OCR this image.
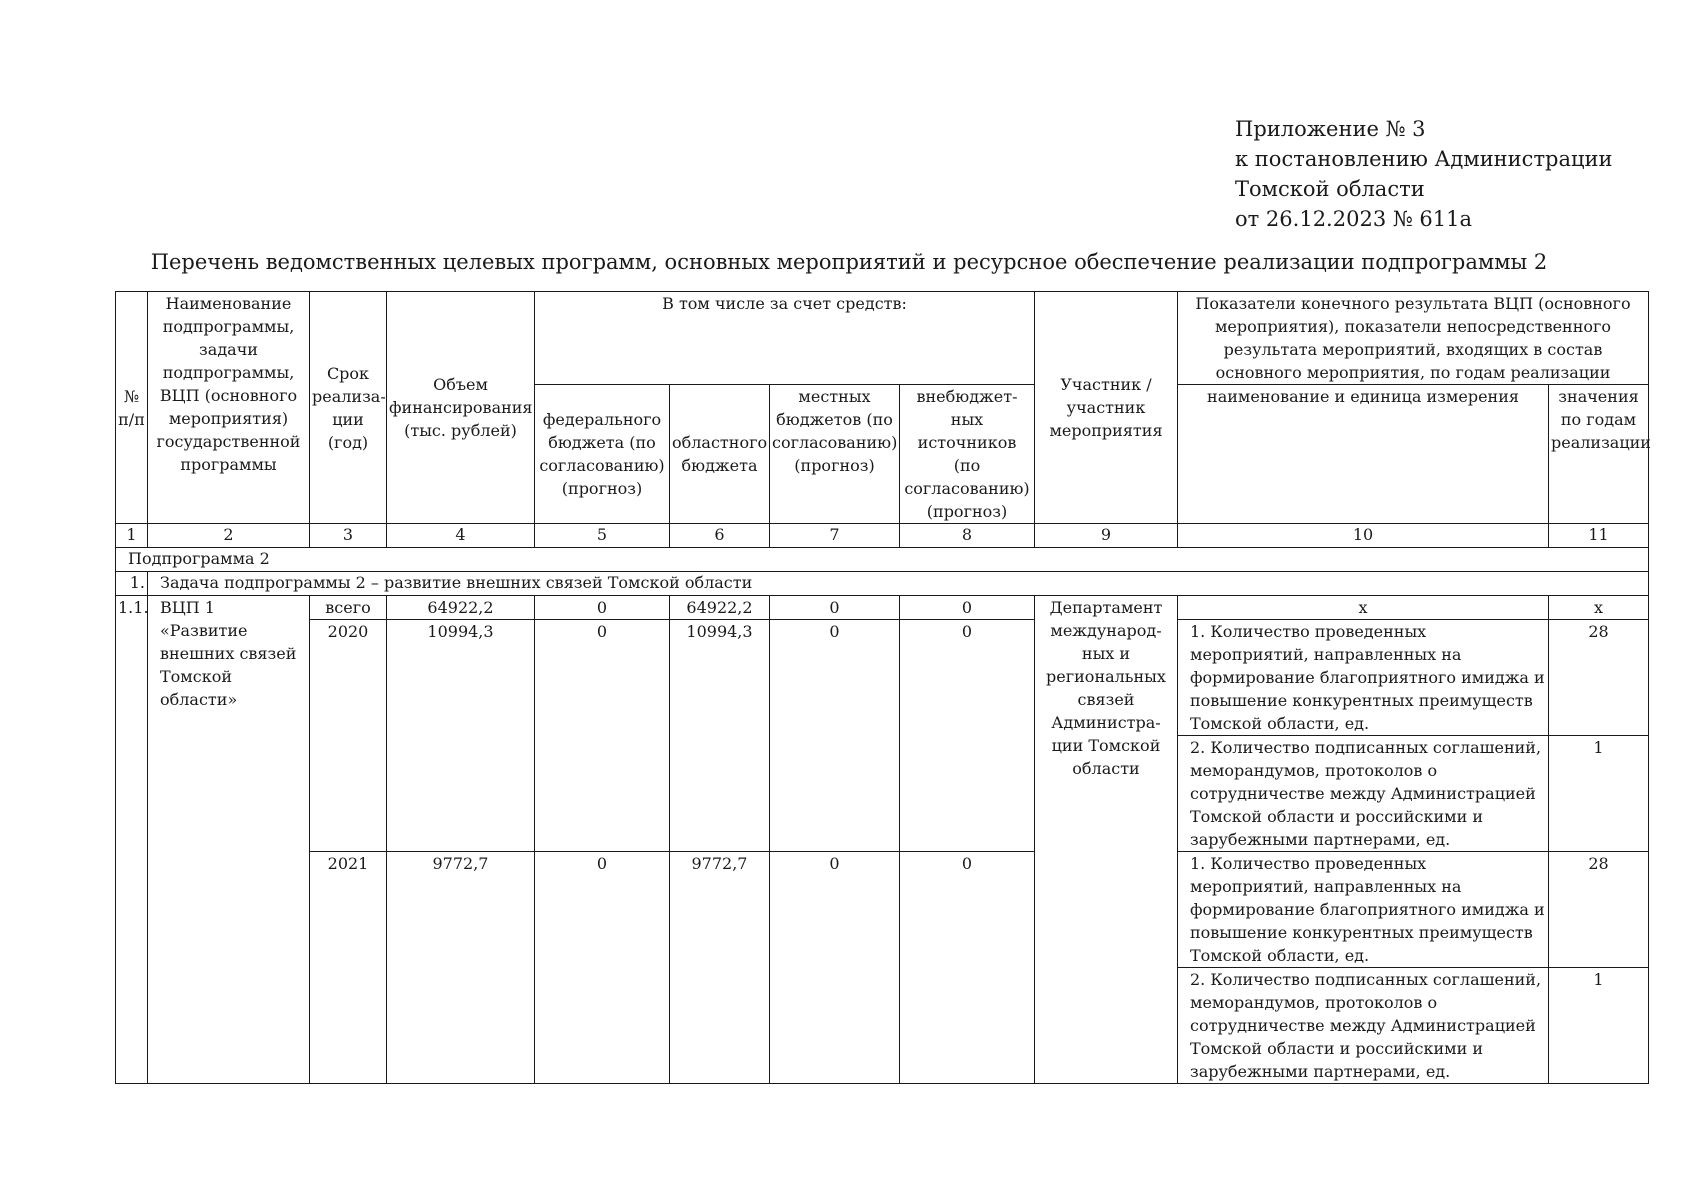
Приложение № 3
к постановлению Администрации
Томской области
от 26.12.2023 № 611а
Перечень ведомственных целевых программ, основных мероприятий и ресурсное обеспечение реализации подпрограммы 2
№ п/п	Наименование подпрограммы, задачи подпрограммы, ВЦП (основного мероприятия) государственной программы	Срок реализа-ции (год)	Объем финансирования (тыс. рублей)	В том числе за счет средств:				Участник /участник мероприятия	Показатели конечного результата ВЦП (основного мероприятия), показатели непосредственного результата мероприятий, входящих в состав основного мероприятия, по годам реализации	
				федерального бюджета (по согласованию) (прогноз)	областного бюджета	местных бюджетов (по согласованию) (прогноз)	внебюджет-ных источников (по согласованию) (прогноз)		наименование и единица измерения	значения по годам реализации

1	2	3	4	5	6	7	8	9	10	11
Подпрограмма 2										
1.	Задача подпрограммы 2 – развитие внешних связей Томской области									
1.1.	ВЦП 1 «Развитие внешних связей Томской области»	всего	64922,2	0	64922,2	0	0	Департамент международ-ных и региональных связей Администра-ции Томской области	х	х
		2020	10994,3	0	10994,3	0	0		1. Количество проведенных мероприятий, направленных на формирование благоприятного имиджа и повышение конкурентных преимуществ Томской области, ед.	28
									2. Количество подписанных соглашений, меморандумов, протоколов о сотрудничестве между Администрацией Томской области и российскими и зарубежными партнерами, ед.	1
		2021	9772,7	0	9772,7	0	0		1. Количество проведенных мероприятий, направленных на формирование благоприятного имиджа и повышение конкурентных преимуществ Томской области, ед.	28
									2. Количество подписанных соглашений, меморандумов, протоколов о сотрудничестве между Администрацией Томской области и российскими и зарубежными партнерами, ед.	1
